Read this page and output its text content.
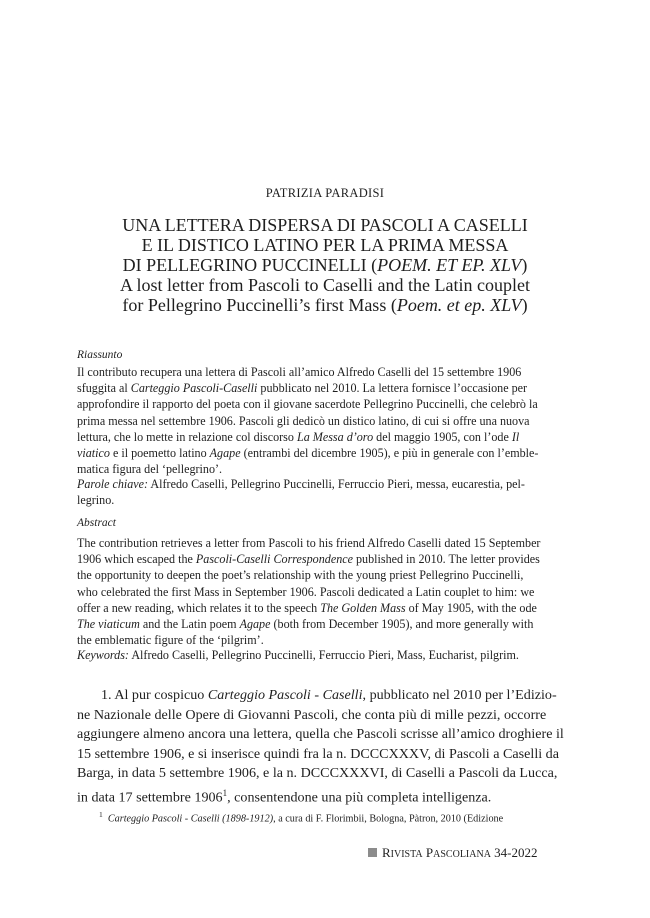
PATRIZIA PARADISI
UNA LETTERA DISPERSA DI PASCOLI A CASELLI
E IL DISTICO LATINO PER LA PRIMA MESSA
DI PELLEGRINO PUCCINELLI (POEM. ET EP. XLV)
A lost letter from Pascoli to Caselli and the Latin couplet
for Pellegrino Puccinelli’s first Mass (Poem. et ep. XLV)
Riassunto
Il contributo recupera una lettera di Pascoli all’amico Alfredo Caselli del 15 settembre 1906
sfuggita al Carteggio Pascoli-Caselli pubblicato nel 2010. La lettera fornisce l’occasione per
approfondire il rapporto del poeta con il giovane sacerdote Pellegrino Puccinelli, che celebrò la
prima messa nel settembre 1906. Pascoli gli dedicò un distico latino, di cui si offre una nuova
lettura, che lo mette in relazione col discorso La Messa d’oro del maggio 1905, con l’ode Il
viatico e il poemetto latino Agape (entrambi del dicembre 1905), e più in generale con l’emble-
matica figura del ‘pellegrino’.
Parole chiave: Alfredo Caselli, Pellegrino Puccinelli, Ferruccio Pieri, messa, eucarestia, pel-
legrino.
Abstract
The contribution retrieves a letter from Pascoli to his friend Alfredo Caselli dated 15 September
1906 which escaped the Pascoli-Caselli Correspondence published in 2010. The letter provides
the opportunity to deepen the poet’s relationship with the young priest Pellegrino Puccinelli,
who celebrated the first Mass in September 1906. Pascoli dedicated a Latin couplet to him: we
offer a new reading, which relates it to the speech The Golden Mass of May 1905, with the ode
The viaticum and the Latin poem Agape (both from December 1905), and more generally with
the emblematic figure of the ‘pilgrim’.
Keywords: Alfredo Caselli, Pellegrino Puccinelli, Ferruccio Pieri, Mass, Eucharist, pilgrim.
1. Al pur cospicuo Carteggio Pascoli - Caselli, pubblicato nel 2010 per l’Edizio-
ne Nazionale delle Opere di Giovanni Pascoli, che conta più di mille pezzi, occorre
aggiungere almeno ancora una lettera, quella che Pascoli scrisse all’amico droghiere il
15 settembre 1906, e si inserisce quindi fra la n. DCCCXXXV, di Pascoli a Caselli da
Barga, in data 5 settembre 1906, e la n. DCCCXXXVI, di Caselli a Pascoli da Lucca,
in data 17 settembre 1906$^1$, consentendone una più completa intelligenza.
$^1$ Carteggio Pascoli - Caselli (1898-1912), a cura di F. Florimbii, Bologna, Pàtron, 2010 (Edizione
RIVISTA PASCOLIANA 34-2022
